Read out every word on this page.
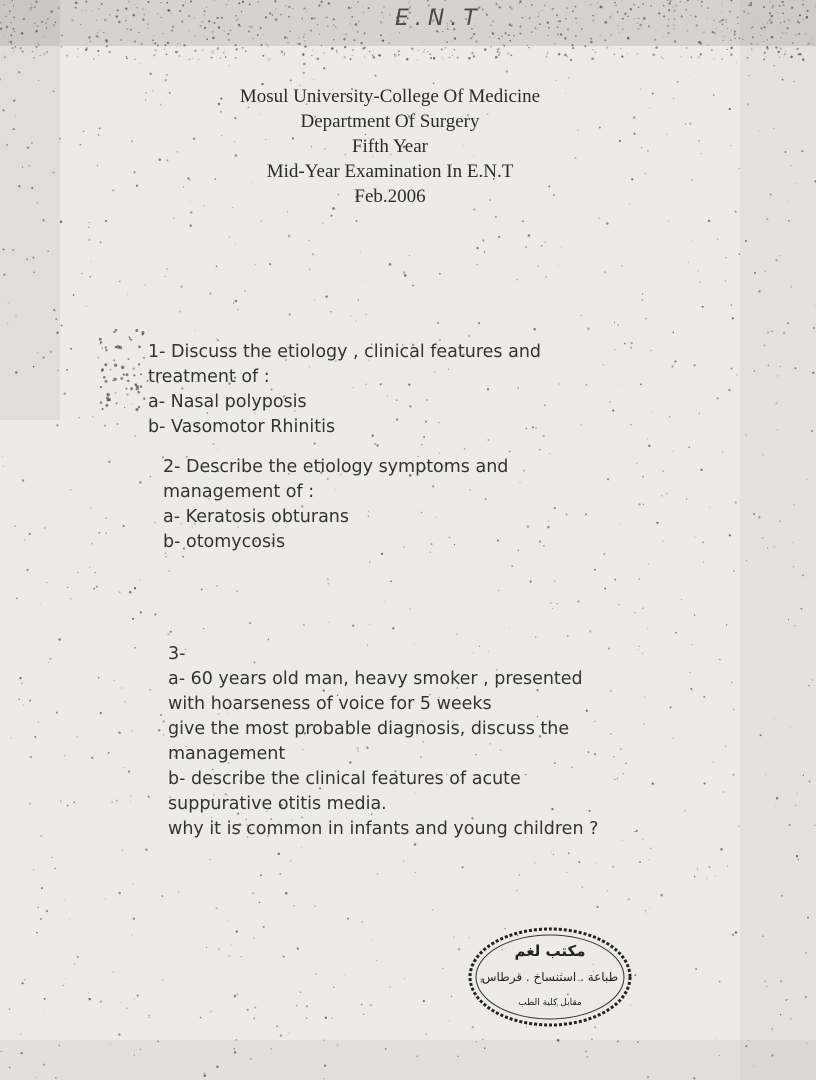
E.N.T
Mosul University-College Of Medicine
Department Of Surgery
Fifth Year
Mid-Year Examination In E.N.T
Feb.2006
1- Discuss the etiology , clinical features and
treatment of :
a- Nasal polyposis
b- Vasomotor Rhinitis
2- Describe the etiology symptoms and
management of :
a- Keratosis obturans
b- otomycosis
3-
a- 60 years old man, heavy smoker , presented
with hoarseness of voice for 5 weeks
give the most probable diagnosis, discuss the
management
b- describe the clinical features of acute
suppurative otitis media.
why it is common in infants and young children ?
مكتب لغم
طباعة . استنساخ . قرطاس
مقابل كلية الطب
